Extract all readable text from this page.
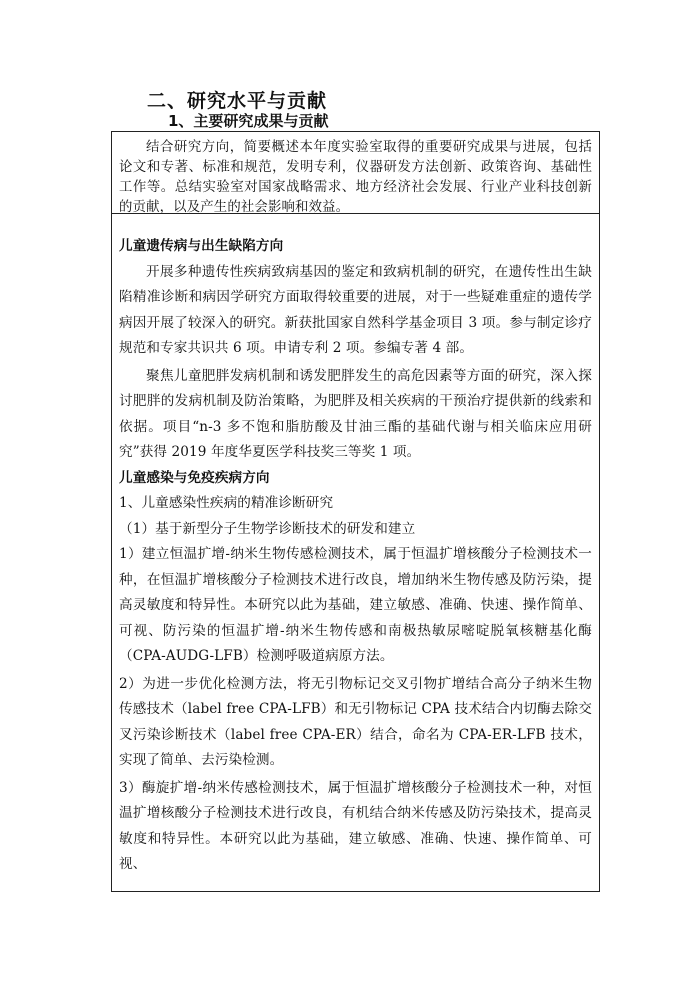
二、研究水平与贡献
1、主要研究成果与贡献
结合研究方向，简要概述本年度实验室取得的重要研究成果与进展，包括论文和专著、标准和规范，发明专利，仪器研发方法创新、政策咨询、基础性工作等。总结实验室对国家战略需求、地方经济社会发展、行业产业科技创新的贡献，以及产生的社会影响和效益。

儿童遗传病与出生缺陷方向

开展多种遗传性疾病致病基因的鉴定和致病机制的研究，在遗传性出生缺陷精准诊断和病因学研究方面取得较重要的进展，对于一些疑难重症的遗传学病因开展了较深入的研究。新获批国家自然科学基金项目 3 项。参与制定诊疗规范和专家共识共 6 项。申请专利 2 项。参编专著 4 部。

聚焦儿童肥胖发病机制和诱发肥胖发生的高危因素等方面的研究，深入探讨肥胖的发病机制及防治策略，为肥胖及相关疾病的干预治疗提供新的线索和依据。项目“n-3 多不饱和脂肪酸及甘油三酯的基础代谢与相关临床应用研究”获得 2019 年度华夏医学科技奖三等奖 1 项。

儿童感染与免疫疾病方向

1、儿童感染性疾病的精准诊断研究

（1）基于新型分子生物学诊断技术的研发和建立

1）建立恒温扩增-纳米生物传感检测技术，属于恒温扩增核酸分子检测技术一种，在恒温扩增核酸分子检测技术进行改良，增加纳米生物传感及防污染，提高灵敏度和特异性。本研究以此为基础，建立敏感、准确、快速、操作简单、可视、防污染的恒温扩增-纳米生物传感和南极热敏尿嘧啶脱氧核糖基化酶（CPA-AUDG-LFB）检测呼吸道病原方法。

2）为进一步优化检测方法，将无引物标记交叉引物扩增结合高分子纳米生物传感技术（label free CPA-LFB）和无引物标记 CPA 技术结合内切酶去除交叉污染诊断技术（label free CPA-ER）结合，命名为 CPA-ER-LFB 技术，实现了简单、去污染检测。

3）酶旋扩增-纳米传感检测技术，属于恒温扩增核酸分子检测技术一种，对恒温扩增核酸分子检测技术进行改良，有机结合纳米传感及防污染技术，提高灵敏度和特异性。本研究以此为基础，建立敏感、准确、快速、操作简单、可视、
